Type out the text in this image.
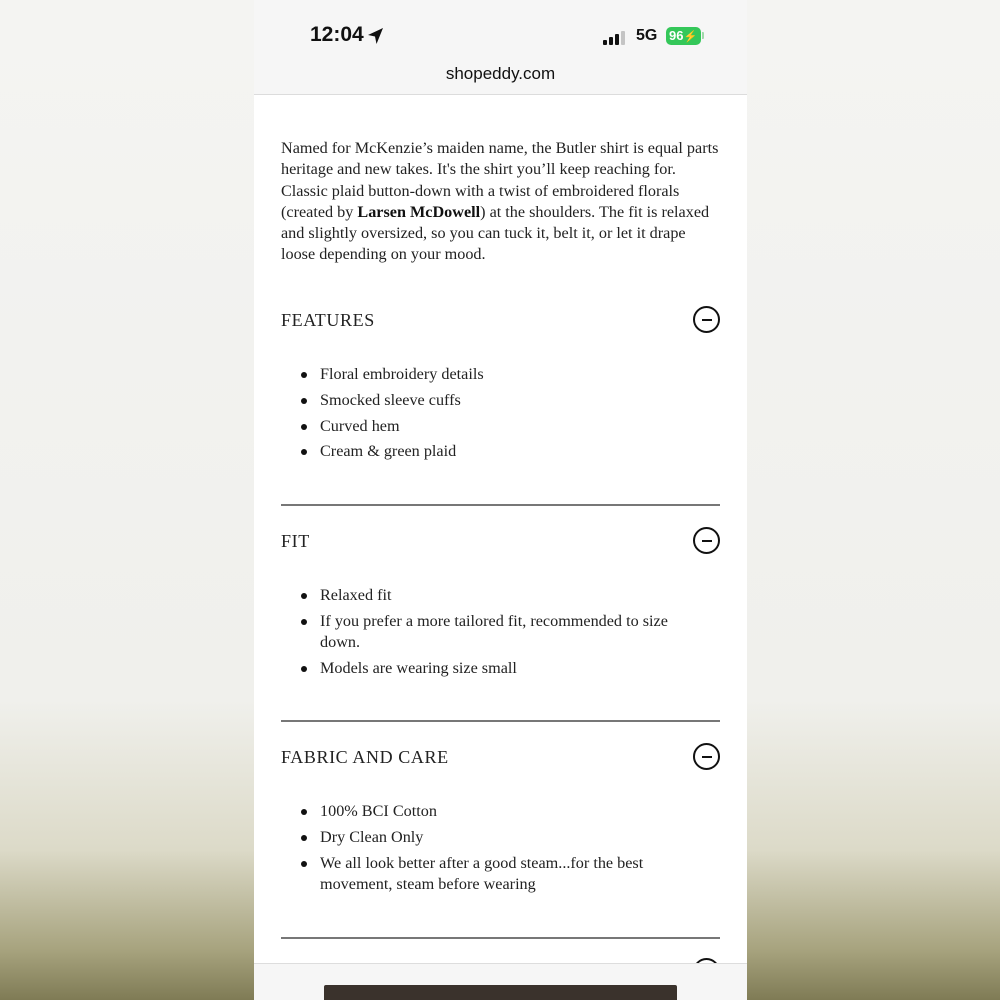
12:04	5G 96⚡
shopeddy.com

Named for McKenzie’s maiden name, the Butler shirt is equal parts heritage and new takes. It's the shirt you’ll keep reaching for. Classic plaid button-down with a twist of embroidered florals (created by Larsen McDowell) at the shoulders. The fit is relaxed and slightly oversized, so you can tuck it, belt it, or let it drape loose depending on your mood.

FEATURES
Floral embroidery details
Smocked sleeve cuffs
Curved hem
Cream & green plaid
FIT
Relaxed fit
If you prefer a more tailored fit, recommended to size down.
Models are wearing size small
FABRIC AND CARE
100% BCI Cotton
Dry Clean Only
We all look better after a good steam...for the best movement, steam before wearing
